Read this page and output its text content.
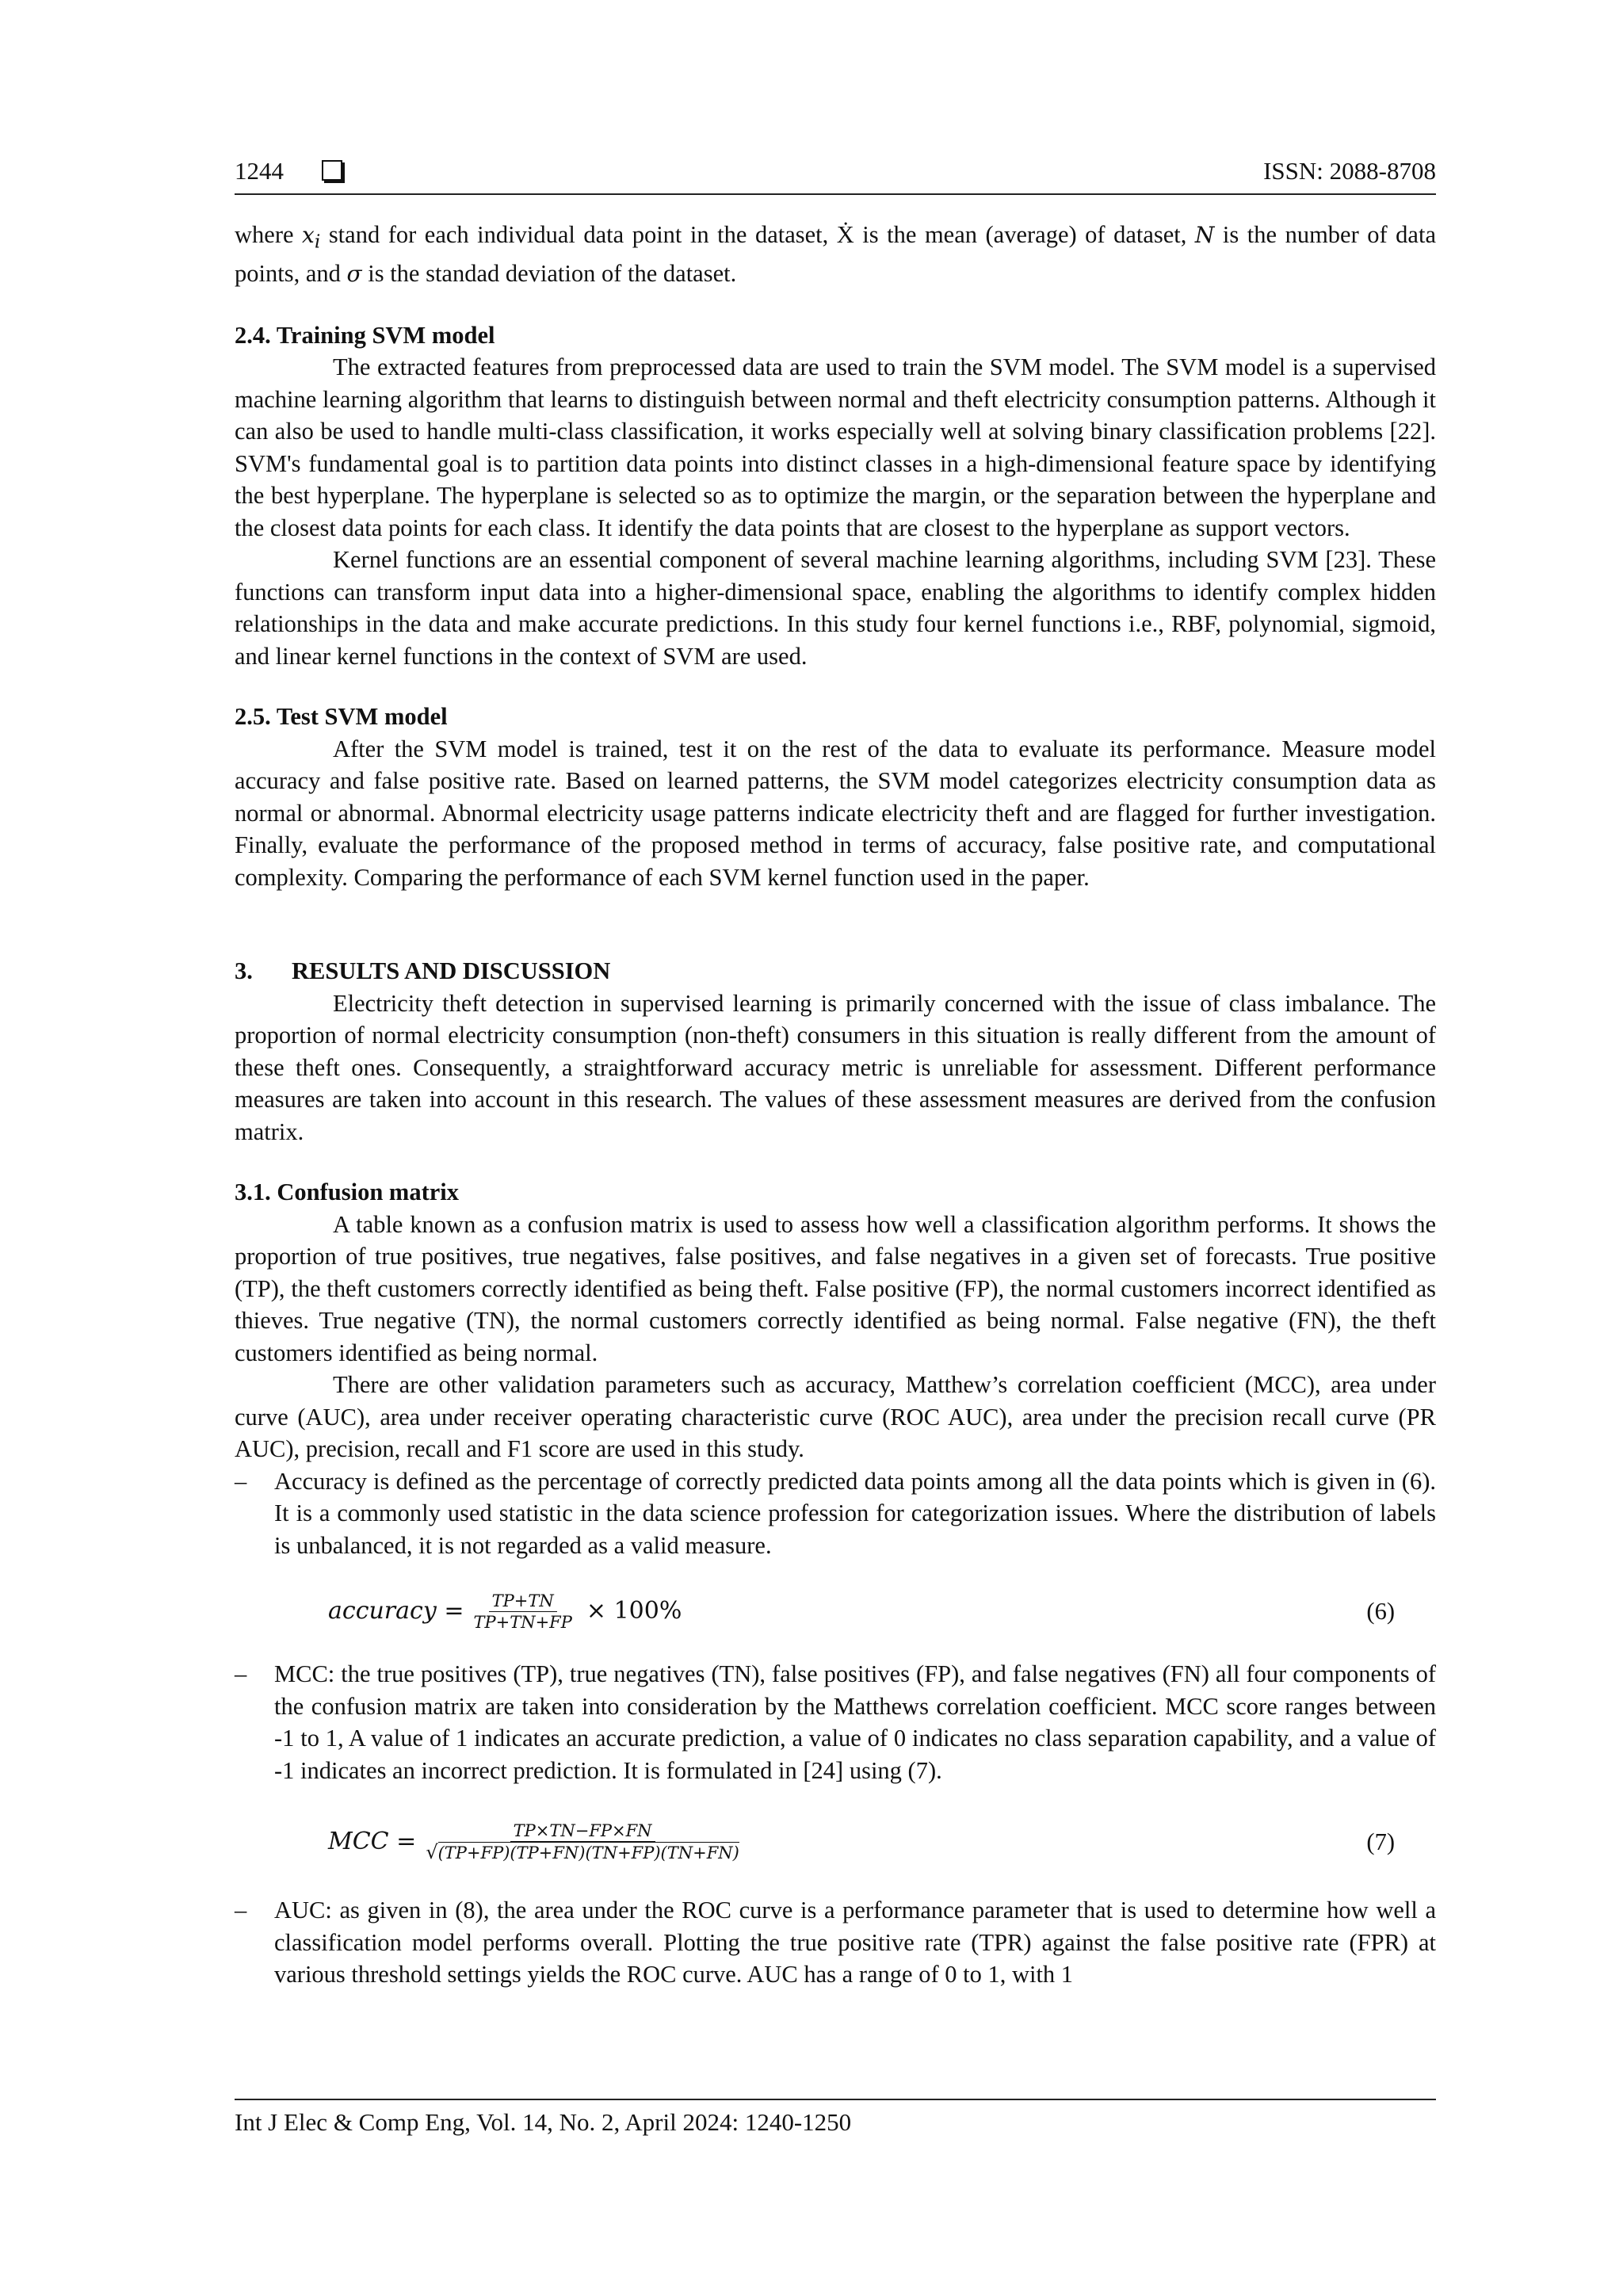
1244	ISSN: 2088-8708

where $x_i$ stand for each individual data point in the dataset, Ẋ is the mean (average) of dataset, N is the number of data points, and σ is the standad deviation of the dataset.

2.4. Training SVM model

The extracted features from preprocessed data are used to train the SVM model. The SVM model is a supervised machine learning algorithm that learns to distinguish between normal and theft electricity consumption patterns. Although it can also be used to handle multi-class classification, it works especially well at solving binary classification problems [22]. SVM's fundamental goal is to partition data points into distinct classes in a high-dimensional feature space by identifying the best hyperplane. The hyperplane is selected so as to optimize the margin, or the separation between the hyperplane and the closest data points for each class. It identify the data points that are closest to the hyperplane as support vectors.

Kernel functions are an essential component of several machine learning algorithms, including SVM [23]. These functions can transform input data into a higher-dimensional space, enabling the algorithms to identify complex hidden relationships in the data and make accurate predictions. In this study four kernel functions i.e., RBF, polynomial, sigmoid, and linear kernel functions in the context of SVM are used.

2.5. Test SVM model

After the SVM model is trained, test it on the rest of the data to evaluate its performance. Measure model accuracy and false positive rate. Based on learned patterns, the SVM model categorizes electricity consumption data as normal or abnormal. Abnormal electricity usage patterns indicate electricity theft and are flagged for further investigation. Finally, evaluate the performance of the proposed method in terms of accuracy, false positive rate, and computational complexity. Comparing the performance of each SVM kernel function used in the paper.

3. RESULTS AND DISCUSSION

Electricity theft detection in supervised learning is primarily concerned with the issue of class imbalance. The proportion of normal electricity consumption (non-theft) consumers in this situation is really different from the amount of these theft ones. Consequently, a straightforward accuracy metric is unreliable for assessment. Different performance measures are taken into account in this research. The values of these assessment measures are derived from the confusion matrix.

3.1. Confusion matrix

A table known as a confusion matrix is used to assess how well a classification algorithm performs. It shows the proportion of true positives, true negatives, false positives, and false negatives in a given set of forecasts. True positive (TP), the theft customers correctly identified as being theft. False positive (FP), the normal customers incorrect identified as thieves. True negative (TN), the normal customers correctly identified as being normal. False negative (FN), the theft customers identified as being normal.

There are other validation parameters such as accuracy, Matthew’s correlation coefficient (MCC), area under curve (AUC), area under receiver operating characteristic curve (ROC AUC), area under the precision recall curve (PR AUC), precision, recall and F1 score are used in this study.

– Accuracy is defined as the percentage of correctly predicted data points among all the data points which is given in (6). It is a commonly used statistic in the data science profession for categorization issues. Where the distribution of labels is unbalanced, it is not regarded as a valid measure.
accuracy = $\frac{TP+TN}{TP+TN+FP} \times 100\%$	(6)
– MCC: the true positives (TP), true negatives (TN), false positives (FP), and false negatives (FN) all four components of the confusion matrix are taken into consideration by the Matthews correlation coefficient. MCC score ranges between -1 to 1, A value of 1 indicates an accurate prediction, a value of 0 indicates no class separation capability, and a value of -1 indicates an incorrect prediction. It is formulated in [24] using (7).
MCC = $\frac{TP\times TN-FP\times FN}{√(TP+FP)(TP+FN)(TN+FP)(TN+FN)}$	(7)
– AUC: as given in (8), the area under the ROC curve is a performance parameter that is used to determine how well a classification model performs overall. Plotting the true positive rate (TPR) against the false positive rate (FPR) at various threshold settings yields the ROC curve. AUC has a range of 0 to 1, with 1
Int J Elec & Comp Eng, Vol. 14, No. 2, April 2024: 1240-1250
